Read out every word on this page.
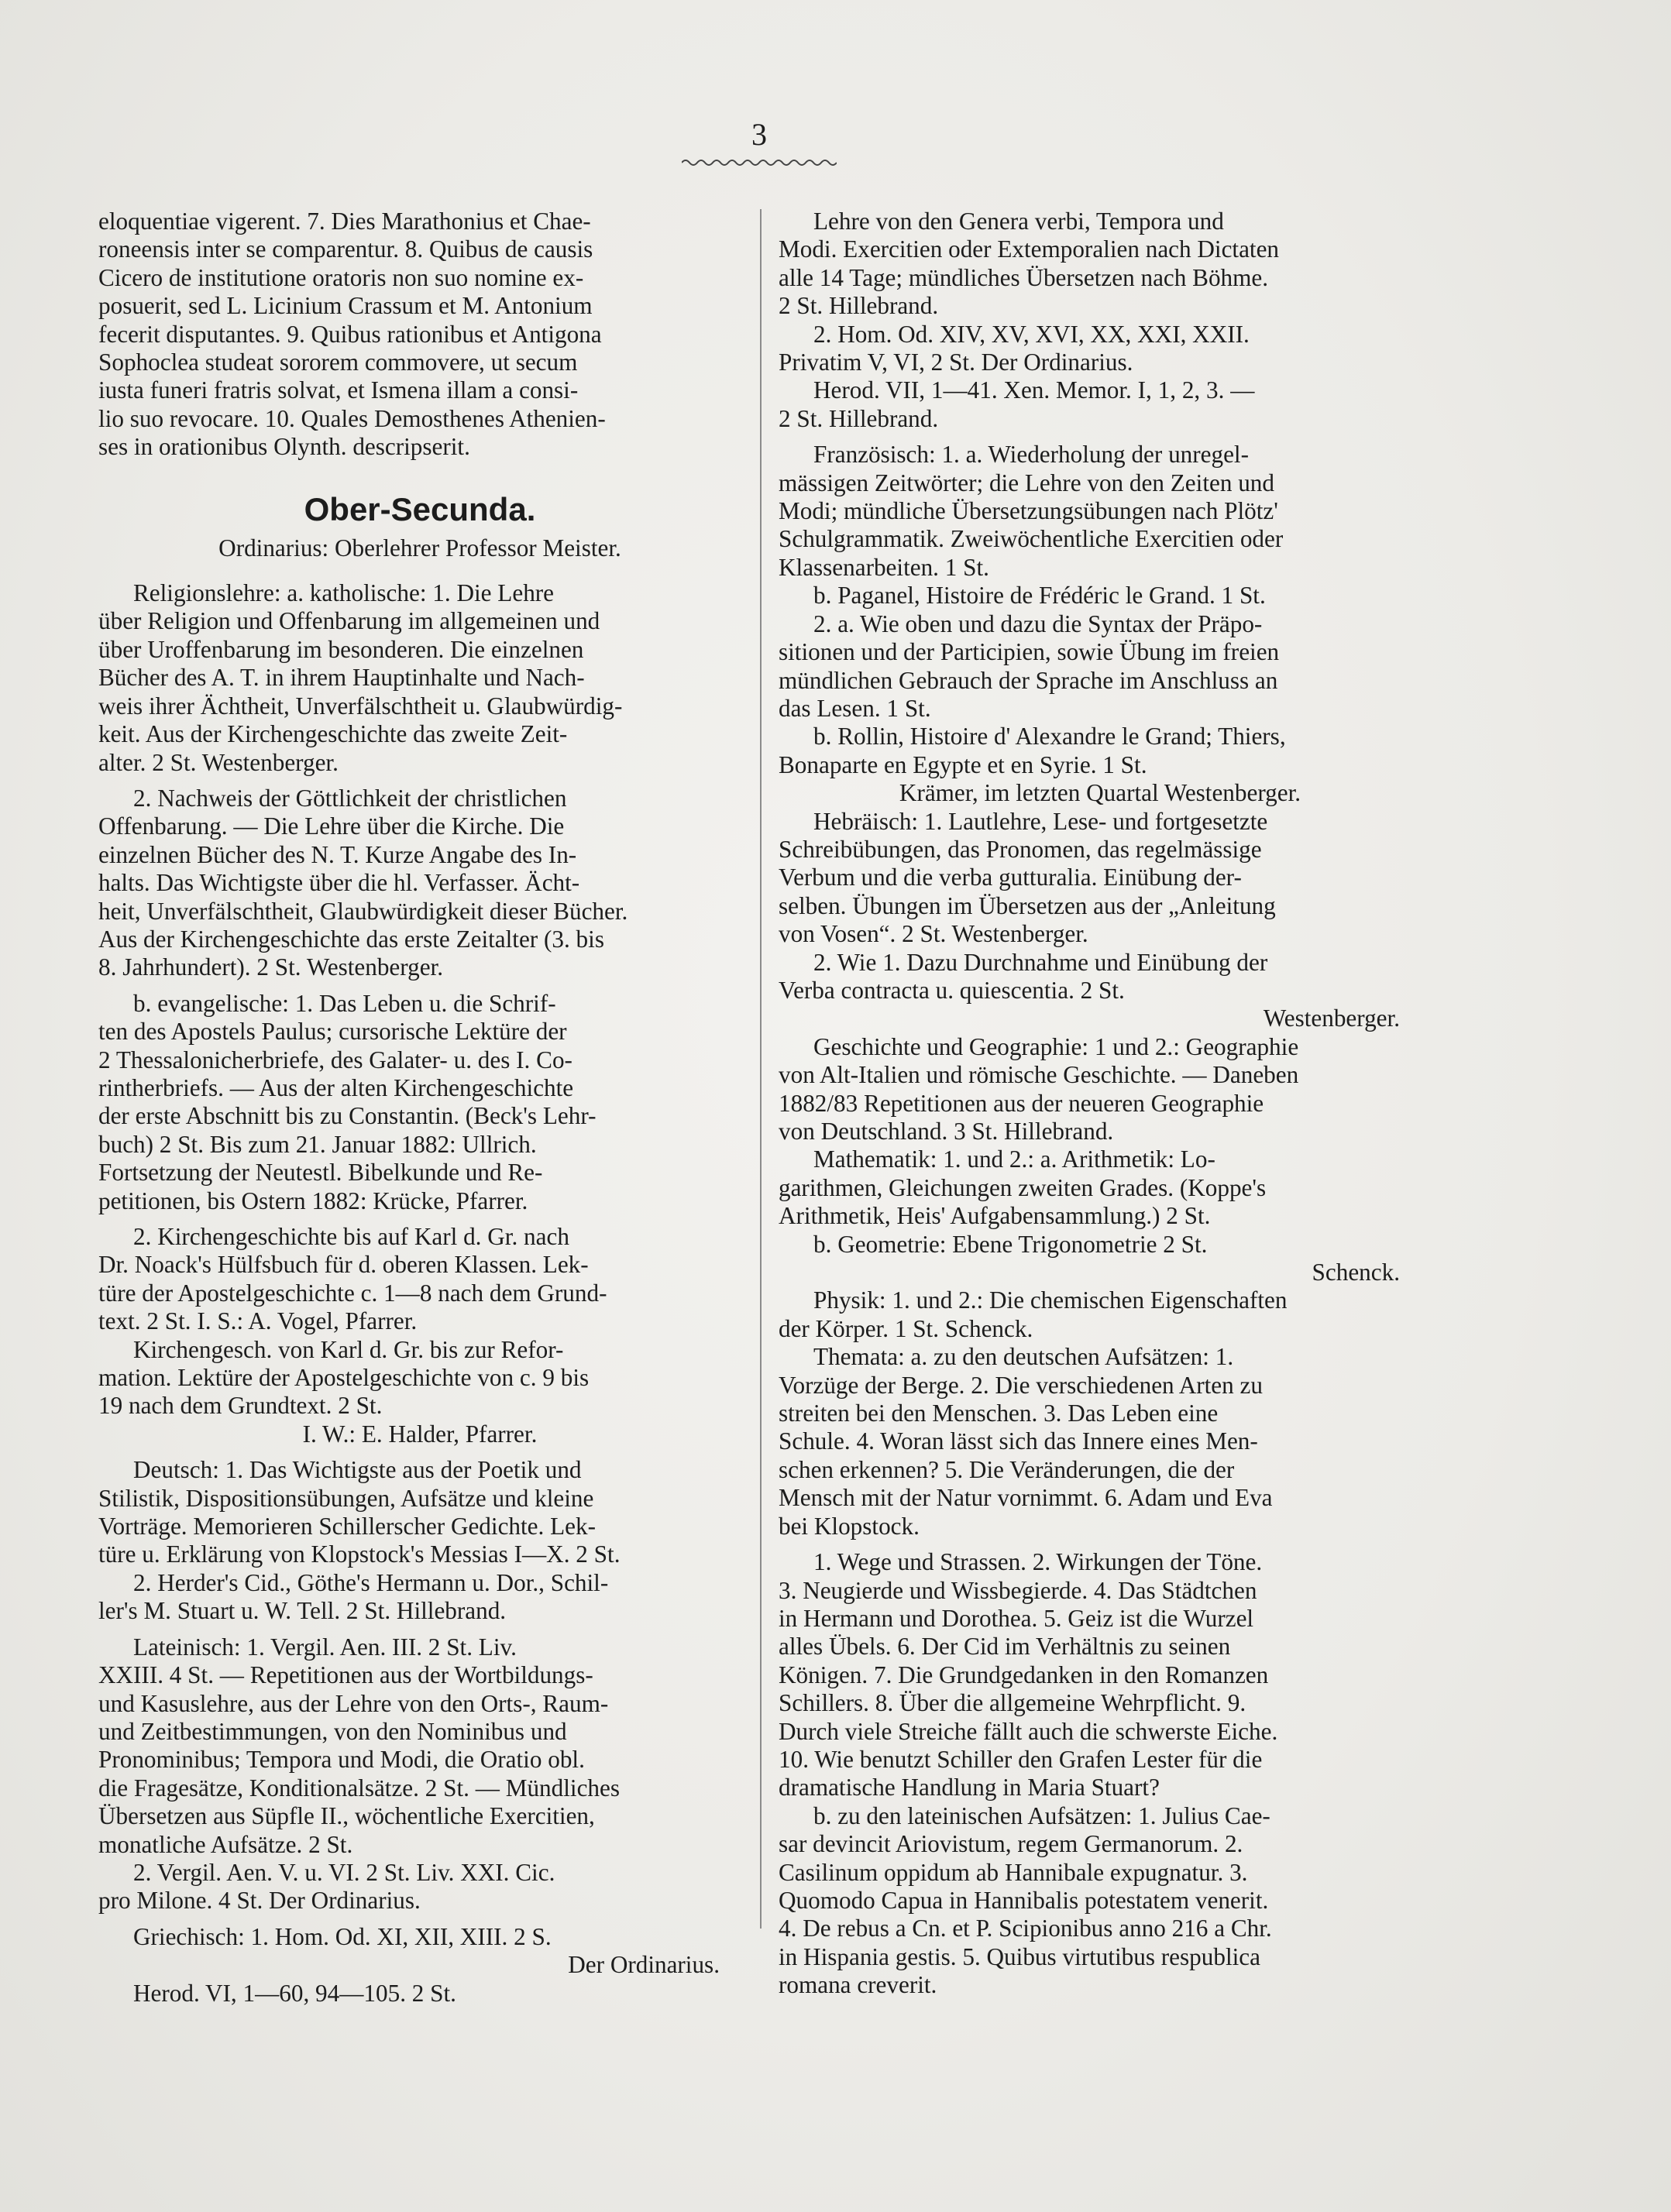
3
eloquentiae vigerent. 7. Dies Marathonius et Chae-
roneensis inter se comparentur. 8. Quibus de causis
Cicero de institutione oratoris non suo nomine ex-
posuerit, sed L. Licinium Crassum et M. Antonium
fecerit disputantes. 9. Quibus rationibus et Antigona
Sophoclea studeat sororem commovere, ut secum
iusta funeri fratris solvat, et Ismena illam a consi-
lio suo revocare. 10. Quales Demosthenes Athenien-
ses in orationibus Olynth. descripserit.
Ober-Secunda.
Ordinarius: Oberlehrer Professor Meister.
Religionslehre: a. katholische: 1. Die Lehre
über Religion und Offenbarung im allgemeinen und
über Uroffenbarung im besonderen. Die einzelnen
Bücher des A. T. in ihrem Hauptinhalte und Nach-
weis ihrer Ächtheit, Unverfälschtheit u. Glaubwürdig-
keit. Aus der Kirchengeschichte das zweite Zeit-
alter. 2 St. Westenberger.
2. Nachweis der Göttlichkeit der christlichen
Offenbarung. — Die Lehre über die Kirche. Die
einzelnen Bücher des N. T. Kurze Angabe des In-
halts. Das Wichtigste über die hl. Verfasser. Ächt-
heit, Unverfälschtheit, Glaubwürdigkeit dieser Bücher.
Aus der Kirchengeschichte das erste Zeitalter (3. bis
8. Jahrhundert). 2 St. Westenberger.
b. evangelische: 1. Das Leben u. die Schrif-
ten des Apostels Paulus; cursorische Lektüre der
2 Thessalonicherbriefe, des Galater- u. des I. Co-
rintherbriefs. — Aus der alten Kirchengeschichte
der erste Abschnitt bis zu Constantin. (Beck's Lehr-
buch) 2 St. Bis zum 21. Januar 1882: Ullrich.
Fortsetzung der Neutestl. Bibelkunde und Re-
petitionen, bis Ostern 1882: Krücke, Pfarrer.
2. Kirchengeschichte bis auf Karl d. Gr. nach
Dr. Noack's Hülfsbuch für d. oberen Klassen. Lek-
türe der Apostelgeschichte c. 1—8 nach dem Grund-
text. 2 St. I. S.: A. Vogel, Pfarrer.
Kirchengesch. von Karl d. Gr. bis zur Refor-
mation. Lektüre der Apostelgeschichte von c. 9 bis
19 nach dem Grundtext. 2 St.
I. W.: E. Halder, Pfarrer.
Deutsch: 1. Das Wichtigste aus der Poetik und
Stilistik, Dispositionsübungen, Aufsätze und kleine
Vorträge. Memorieren Schillerscher Gedichte. Lek-
türe u. Erklärung von Klopstock's Messias I—X. 2 St.
2. Herder's Cid., Göthe's Hermann u. Dor., Schil-
ler's M. Stuart u. W. Tell. 2 St. Hillebrand.
Lateinisch: 1. Vergil. Aen. III. 2 St. Liv.
XXIII. 4 St. — Repetitionen aus der Wortbildungs-
und Kasuslehre, aus der Lehre von den Orts-, Raum-
und Zeitbestimmungen, von den Nominibus und
Pronominibus; Tempora und Modi, die Oratio obl.
die Fragesätze, Konditionalsätze. 2 St. — Mündliches
Übersetzen aus Süpfle II., wöchentliche Exercitien,
monatliche Aufsätze. 2 St.
2. Vergil. Aen. V. u. VI. 2 St. Liv. XXI. Cic.
pro Milone. 4 St. Der Ordinarius.
Griechisch: 1. Hom. Od. XI, XII, XIII. 2 S.
Der Ordinarius.
Herod. VI, 1—60, 94—105. 2 St.
Lehre von den Genera verbi, Tempora und
Modi. Exercitien oder Extemporalien nach Dictaten
alle 14 Tage; mündliches Übersetzen nach Böhme.
2 St. Hillebrand.
2. Hom. Od. XIV, XV, XVI, XX, XXI, XXII.
Privatim V, VI, 2 St. Der Ordinarius.
Herod. VII, 1—41. Xen. Memor. I, 1, 2, 3. —
2 St. Hillebrand.
Französisch: 1. a. Wiederholung der unregel-
mässigen Zeitwörter; die Lehre von den Zeiten und
Modi; mündliche Übersetzungsübungen nach Plötz'
Schulgrammatik. Zweiwöchentliche Exercitien oder
Klassenarbeiten. 1 St.
b. Paganel, Histoire de Frédéric le Grand. 1 St.
2. a. Wie oben und dazu die Syntax der Präpo-
sitionen und der Participien, sowie Übung im freien
mündlichen Gebrauch der Sprache im Anschluss an
das Lesen. 1 St.
b. Rollin, Histoire d' Alexandre le Grand; Thiers,
Bonaparte en Egypte et en Syrie. 1 St.
Krämer, im letzten Quartal Westenberger.
Hebräisch: 1. Lautlehre, Lese- und fortgesetzte
Schreibübungen, das Pronomen, das regelmässige
Verbum und die verba gutturalia. Einübung der-
selben. Übungen im Übersetzen aus der „Anleitung
von Vosen“. 2 St. Westenberger.
2. Wie 1. Dazu Durchnahme und Einübung der
Verba contracta u. quiescentia. 2 St.
Westenberger.
Geschichte und Geographie: 1 und 2.: Geographie
von Alt-Italien und römische Geschichte. — Daneben
1882/83 Repetitionen aus der neueren Geographie
von Deutschland. 3 St. Hillebrand.
Mathematik: 1. und 2.: a. Arithmetik: Lo-
garithmen, Gleichungen zweiten Grades. (Koppe's
Arithmetik, Heis' Aufgabensammlung.) 2 St.
b. Geometrie: Ebene Trigonometrie 2 St.
Schenck.
Physik: 1. und 2.: Die chemischen Eigenschaften
der Körper. 1 St. Schenck.
Themata: a. zu den deutschen Aufsätzen: 1.
Vorzüge der Berge. 2. Die verschiedenen Arten zu
streiten bei den Menschen. 3. Das Leben eine
Schule. 4. Woran lässt sich das Innere eines Men-
schen erkennen? 5. Die Veränderungen, die der
Mensch mit der Natur vornimmt. 6. Adam und Eva
bei Klopstock.
1. Wege und Strassen. 2. Wirkungen der Töne.
3. Neugierde und Wissbegierde. 4. Das Städtchen
in Hermann und Dorothea. 5. Geiz ist die Wurzel
alles Übels. 6. Der Cid im Verhältnis zu seinen
Königen. 7. Die Grundgedanken in den Romanzen
Schillers. 8. Über die allgemeine Wehrpflicht. 9.
Durch viele Streiche fällt auch die schwerste Eiche.
10. Wie benutzt Schiller den Grafen Lester für die
dramatische Handlung in Maria Stuart?
b. zu den lateinischen Aufsätzen: 1. Julius Cae-
sar devincit Ariovistum, regem Germanorum. 2.
Casilinum oppidum ab Hannibale expugnatur. 3.
Quomodo Capua in Hannibalis potestatem venerit.
4. De rebus a Cn. et P. Scipionibus anno 216 a Chr.
in Hispania gestis. 5. Quibus virtutibus respublica
romana creverit.
